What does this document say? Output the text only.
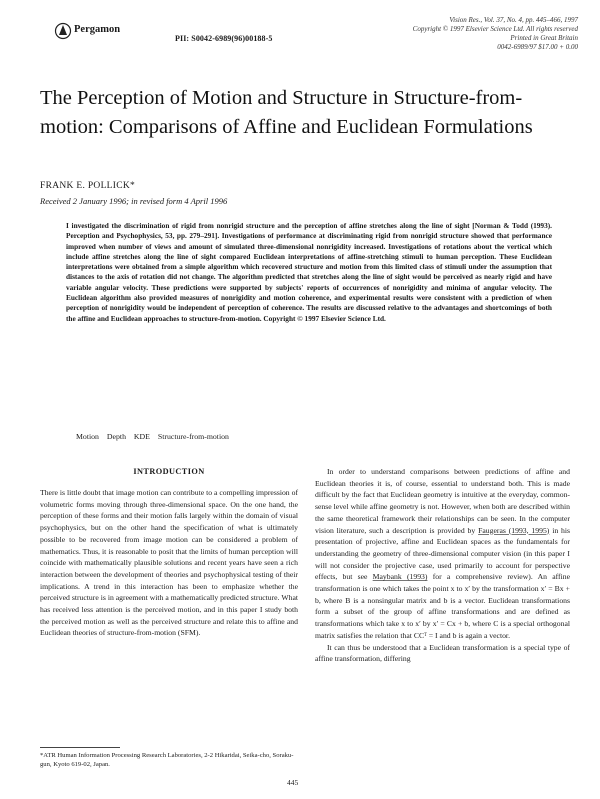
Pergamon
PII: S0042-6989(96)00188-5
Vision Res., Vol. 37, No. 4, pp. 445–466, 1997
Copyright © 1997 Elsevier Science Ltd. All rights reserved
Printed in Great Britain
0042-6989/97 $17.00 + 0.00
The Perception of Motion and Structure in Structure-from-motion: Comparisons of Affine and Euclidean Formulations
FRANK E. POLLICK*
Received 2 January 1996; in revised form 4 April 1996
I investigated the discrimination of rigid from nonrigid structure and the perception of affine stretches along the line of sight [Norman & Todd (1993). Perception and Psychophysics, 53, pp. 279–291]. Investigations of performance at discriminating rigid from nonrigid structure showed that performance improved when number of views and amount of simulated three-dimensional nonrigidity increased. Investigations of rotations about the vertical which include affine stretches along the line of sight compared Euclidean interpretations of affine-stretching stimuli to human perception. These Euclidean interpretations were obtained from a simple algorithm which recovered structure and motion from this limited class of stimuli under the assumption that distances to the axis of rotation did not change. The algorithm predicted that stretches along the line of sight would be perceived as nearly rigid and have variable angular velocity. These predictions were supported by subjects' reports of occurrences of nonrigidity and minima of angular velocity. The Euclidean algorithm also provided measures of nonrigidity and motion coherence, and experimental results were consistent with a prediction of when perception of nonrigidity would be independent of perception of coherence. The results are discussed relative to the advantages and shortcomings of both the affine and Euclidean approaches to structure-from-motion. Copyright © 1997 Elsevier Science Ltd.
Motion Depth KDE Structure-from-motion
INTRODUCTION

There is little doubt that image motion can contribute to a compelling impression of volumetric forms moving through three-dimensional space. On the one hand, the perception of these forms and their motion falls largely within the domain of visual psychophysics, but on the other hand the specification of what is ultimately possible to be recovered from image motion can be considered a problem of mathematics. Thus, it is reasonable to posit that the limits of human perception will coincide with mathematically plausible solutions and recent years have seen a rich interaction between the development of theories and psychophysical testing of their implications. A trend in this interaction has been to emphasize whether the perceived structure is in agreement with a mathematically predicted structure. What has received less attention is the perceived motion, and in this paper I study both the perceived motion as well as the perceived structure and relate this to affine and Euclidean theories of structure-from-motion (SFM).

In order to understand comparisons between predictions of affine and Euclidean theories it is, of course, essential to understand both. This is made difficult by the fact that Euclidean geometry is intuitive at the everyday, common-sense level while affine geometry is not. However, when both are described within the same theoretical framework their relationships can be seen. In the computer vision literature, such a description is provided by Faugeras (1993, 1995) in his presentation of projective, affine and Euclidean spaces as the fundamentals for understanding the geometry of three-dimensional computer vision (in this paper I will not consider the projective case, used primarily to account for perspective effects, but see Maybank (1993) for a comprehensive review). An affine transformation is one which takes the point x to x′ by the transformation x′ = Bx + b, where B is a nonsingular matrix and b is a vector. Euclidean transformations form a subset of the group of affine transformations and are defined as transformations which take x to x′ by x′ = Cx + b, where C is a special orthogonal matrix satisfies the relation that CCᵀ = I and b is again a vector.

It can thus be understood that a Euclidean transformation is a special type of affine transformation, differing

*ATR Human Information Processing Research Laboratories, 2-2 Hikaridai, Seika-cho, Soraku-gun, Kyoto 619-02, Japan.
445
